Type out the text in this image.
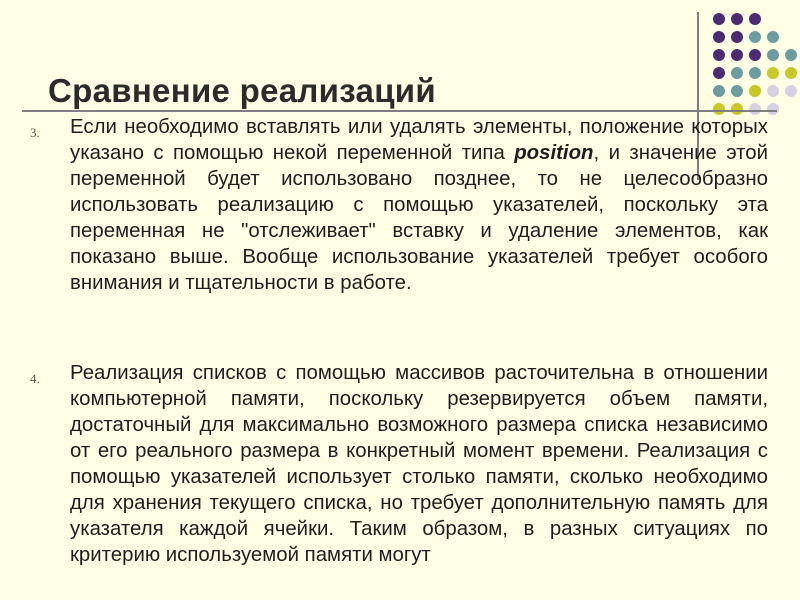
Сравнение реализаций
3. Если необходимо вставлять или удалять элементы, положение которых указано с помощью некой переменной типа position, и значение этой переменной будет использовано позднее, то не целесообразно использовать реализацию с помощью указателей, поскольку эта переменная не "отслеживает" вставку и удаление элементов, как показано выше. Вообще использование указателей требует особого внимания и тщательности в работе.
4. Реализация списков с помощью массивов расточительна в отношении компьютерной памяти, поскольку резервируется объем памяти, достаточный для максимально возможного размера списка независимо от его реального размера в конкретный момент времени. Реализация с помощью указателей использует столько памяти, сколько необходимо для хранения текущего списка, но требует дополнительную память для указателя каждой ячейки. Таким образом, в разных ситуациях по критерию используемой памяти могут
